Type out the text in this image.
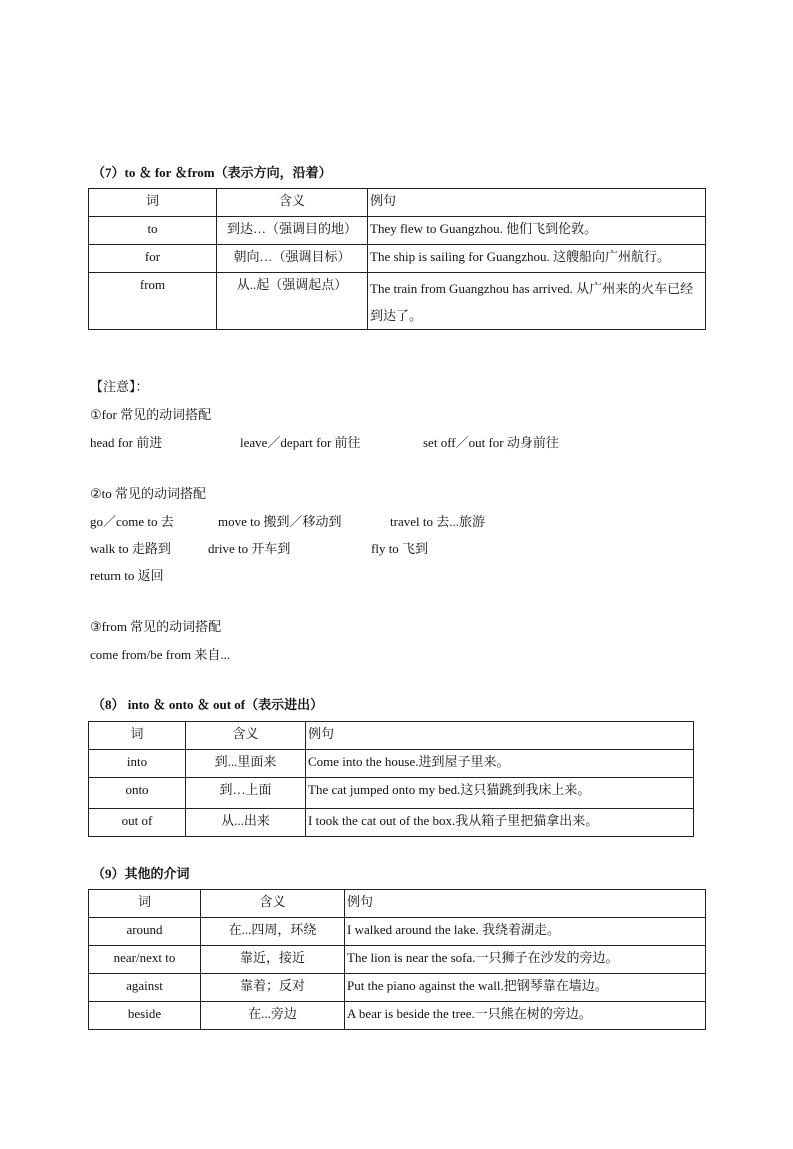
（7）to ＆ for ＆from（表示方向，沿着）
词	含义	例句
to	到达…（强调目的地）	They flew to Guangzhou. 他们飞到伦敦。
for	朝向…（强调目标）	The ship is sailing for Guangzhou. 这艘船向广州航行。
from	从..起（强调起点）	The train from Guangzhou has arrived. 从广州来的火车已经到达了。
【注意】：
①for 常见的动词搭配
head for 前进	leave／depart for 前往	set off／out for 动身前往
②to 常见的动词搭配
go／come to 去	move to 搬到／移动到	travel to 去...旅游
walk to 走路到	drive to 开车到	fly to 飞到
return to 返回
③from 常见的动词搭配
come from/be from 来自...
（8） into ＆ onto ＆ out of（表示进出）
词	含义	例句
into	到...里面来	Come into the house.进到屋子里来。
onto	到…上面	The cat jumped onto my bed.这只猫跳到我床上来。
out of	从...出来	I took the cat out of the box.我从箱子里把猫拿出来。
（9）其他的介词
词	含义	例句
around	在...四周，环绕	I walked around the lake. 我绕着湖走。
near/next to	靠近，接近	The lion is near the sofa.一只狮子在沙发的旁边。
against	靠着；反对	Put the piano against the wall.把钢琴靠在墙边。
beside	在...旁边	A bear is beside the tree.一只熊在树的旁边。
